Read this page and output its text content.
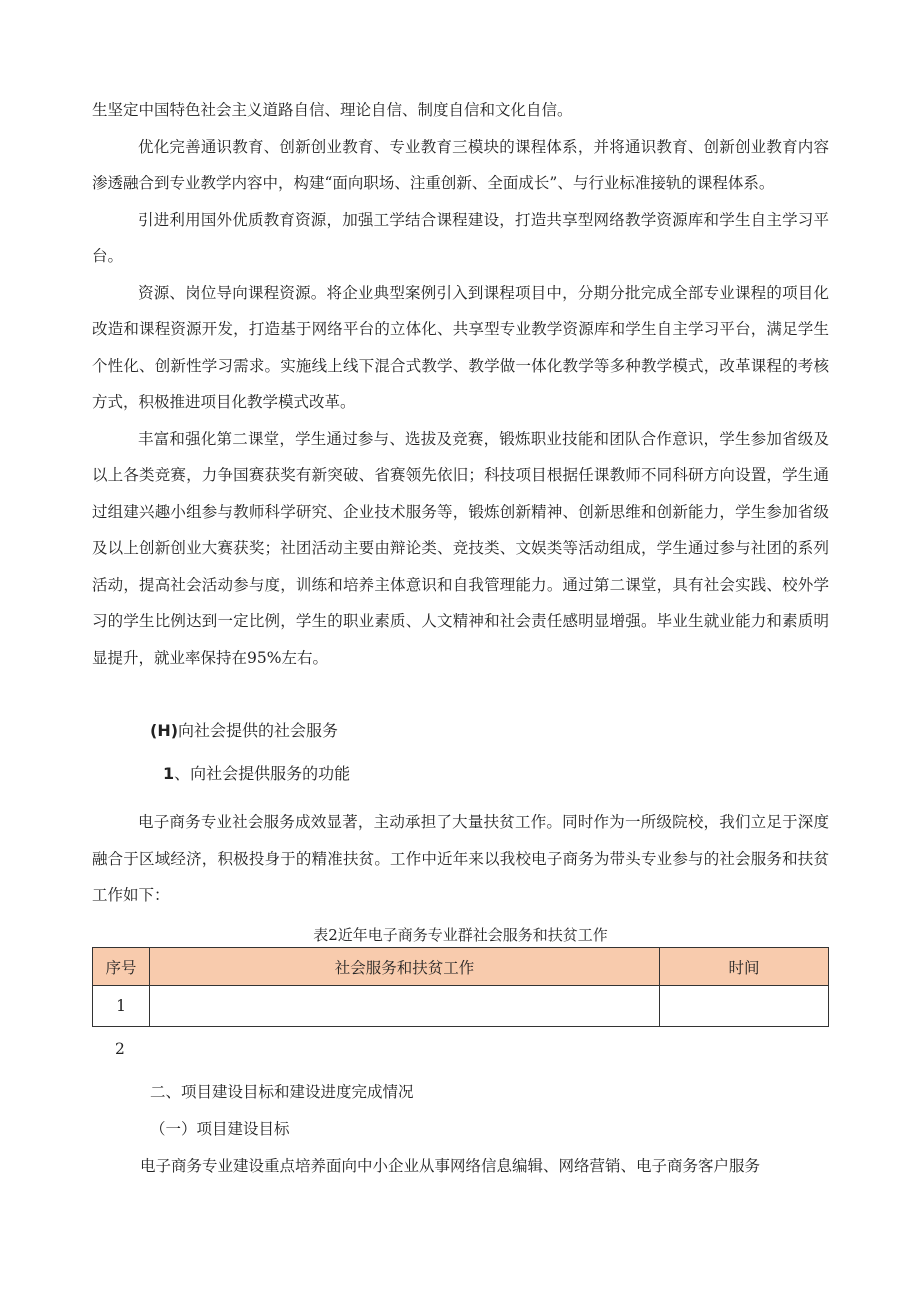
生坚定中国特色社会主义道路自信、理论自信、制度自信和文化自信。

优化完善通识教育、创新创业教育、专业教育三模块的课程体系，并将通识教育、创新创业教育内容渗透融合到专业教学内容中，构建“面向职场、注重创新、全面成长”、与行业标准接轨的课程体系。

引进利用国外优质教育资源，加强工学结合课程建设，打造共享型网络教学资源库和学生自主学习平台。

资源、岗位导向课程资源。将企业典型案例引入到课程项目中，分期分批完成全部专业课程的项目化改造和课程资源开发，打造基于网络平台的立体化、共享型专业教学资源库和学生自主学习平台，满足学生个性化、创新性学习需求。实施线上线下混合式教学、教学做一体化教学等多种教学模式，改革课程的考核方式，积极推进项目化教学模式改革。

丰富和强化第二课堂，学生通过参与、选拔及竞赛，锻炼职业技能和团队合作意识，学生参加省级及以上各类竞赛，力争国赛获奖有新突破、省赛领先依旧；科技项目根据任课教师不同科研方向设置，学生通过组建兴趣小组参与教师科学研究、企业技术服务等，锻炼创新精神、创新思维和创新能力，学生参加省级及以上创新创业大赛获奖；社团活动主要由辩论类、竞技类、文娱类等活动组成，学生通过参与社团的系列活动，提高社会活动参与度，训练和培养主体意识和自我管理能力。通过第二课堂，具有社会实践、校外学习的学生比例达到一定比例，学生的职业素质、人文精神和社会责任感明显增强。毕业生就业能力和素质明显提升，就业率保持在95%左右。

(H)向社会提供的社会服务

1、向社会提供服务的功能

电子商务专业社会服务成效显著，主动承担了大量扶贫工作。同时作为一所级院校，我们立足于深度融合于区域经济，积极投身于的精准扶贫。工作中近年来以我校电子商务为带头专业参与的社会服务和扶贫工作如下：

表2近年电子商务专业群社会服务和扶贫工作

序号	社会服务和扶贫工作	时间
1		

2

二、项目建设目标和建设进度完成情况

（一）项目建设目标

电子商务专业建设重点培养面向中小企业从事网络信息编辑、网络营销、电子商务客户服务
